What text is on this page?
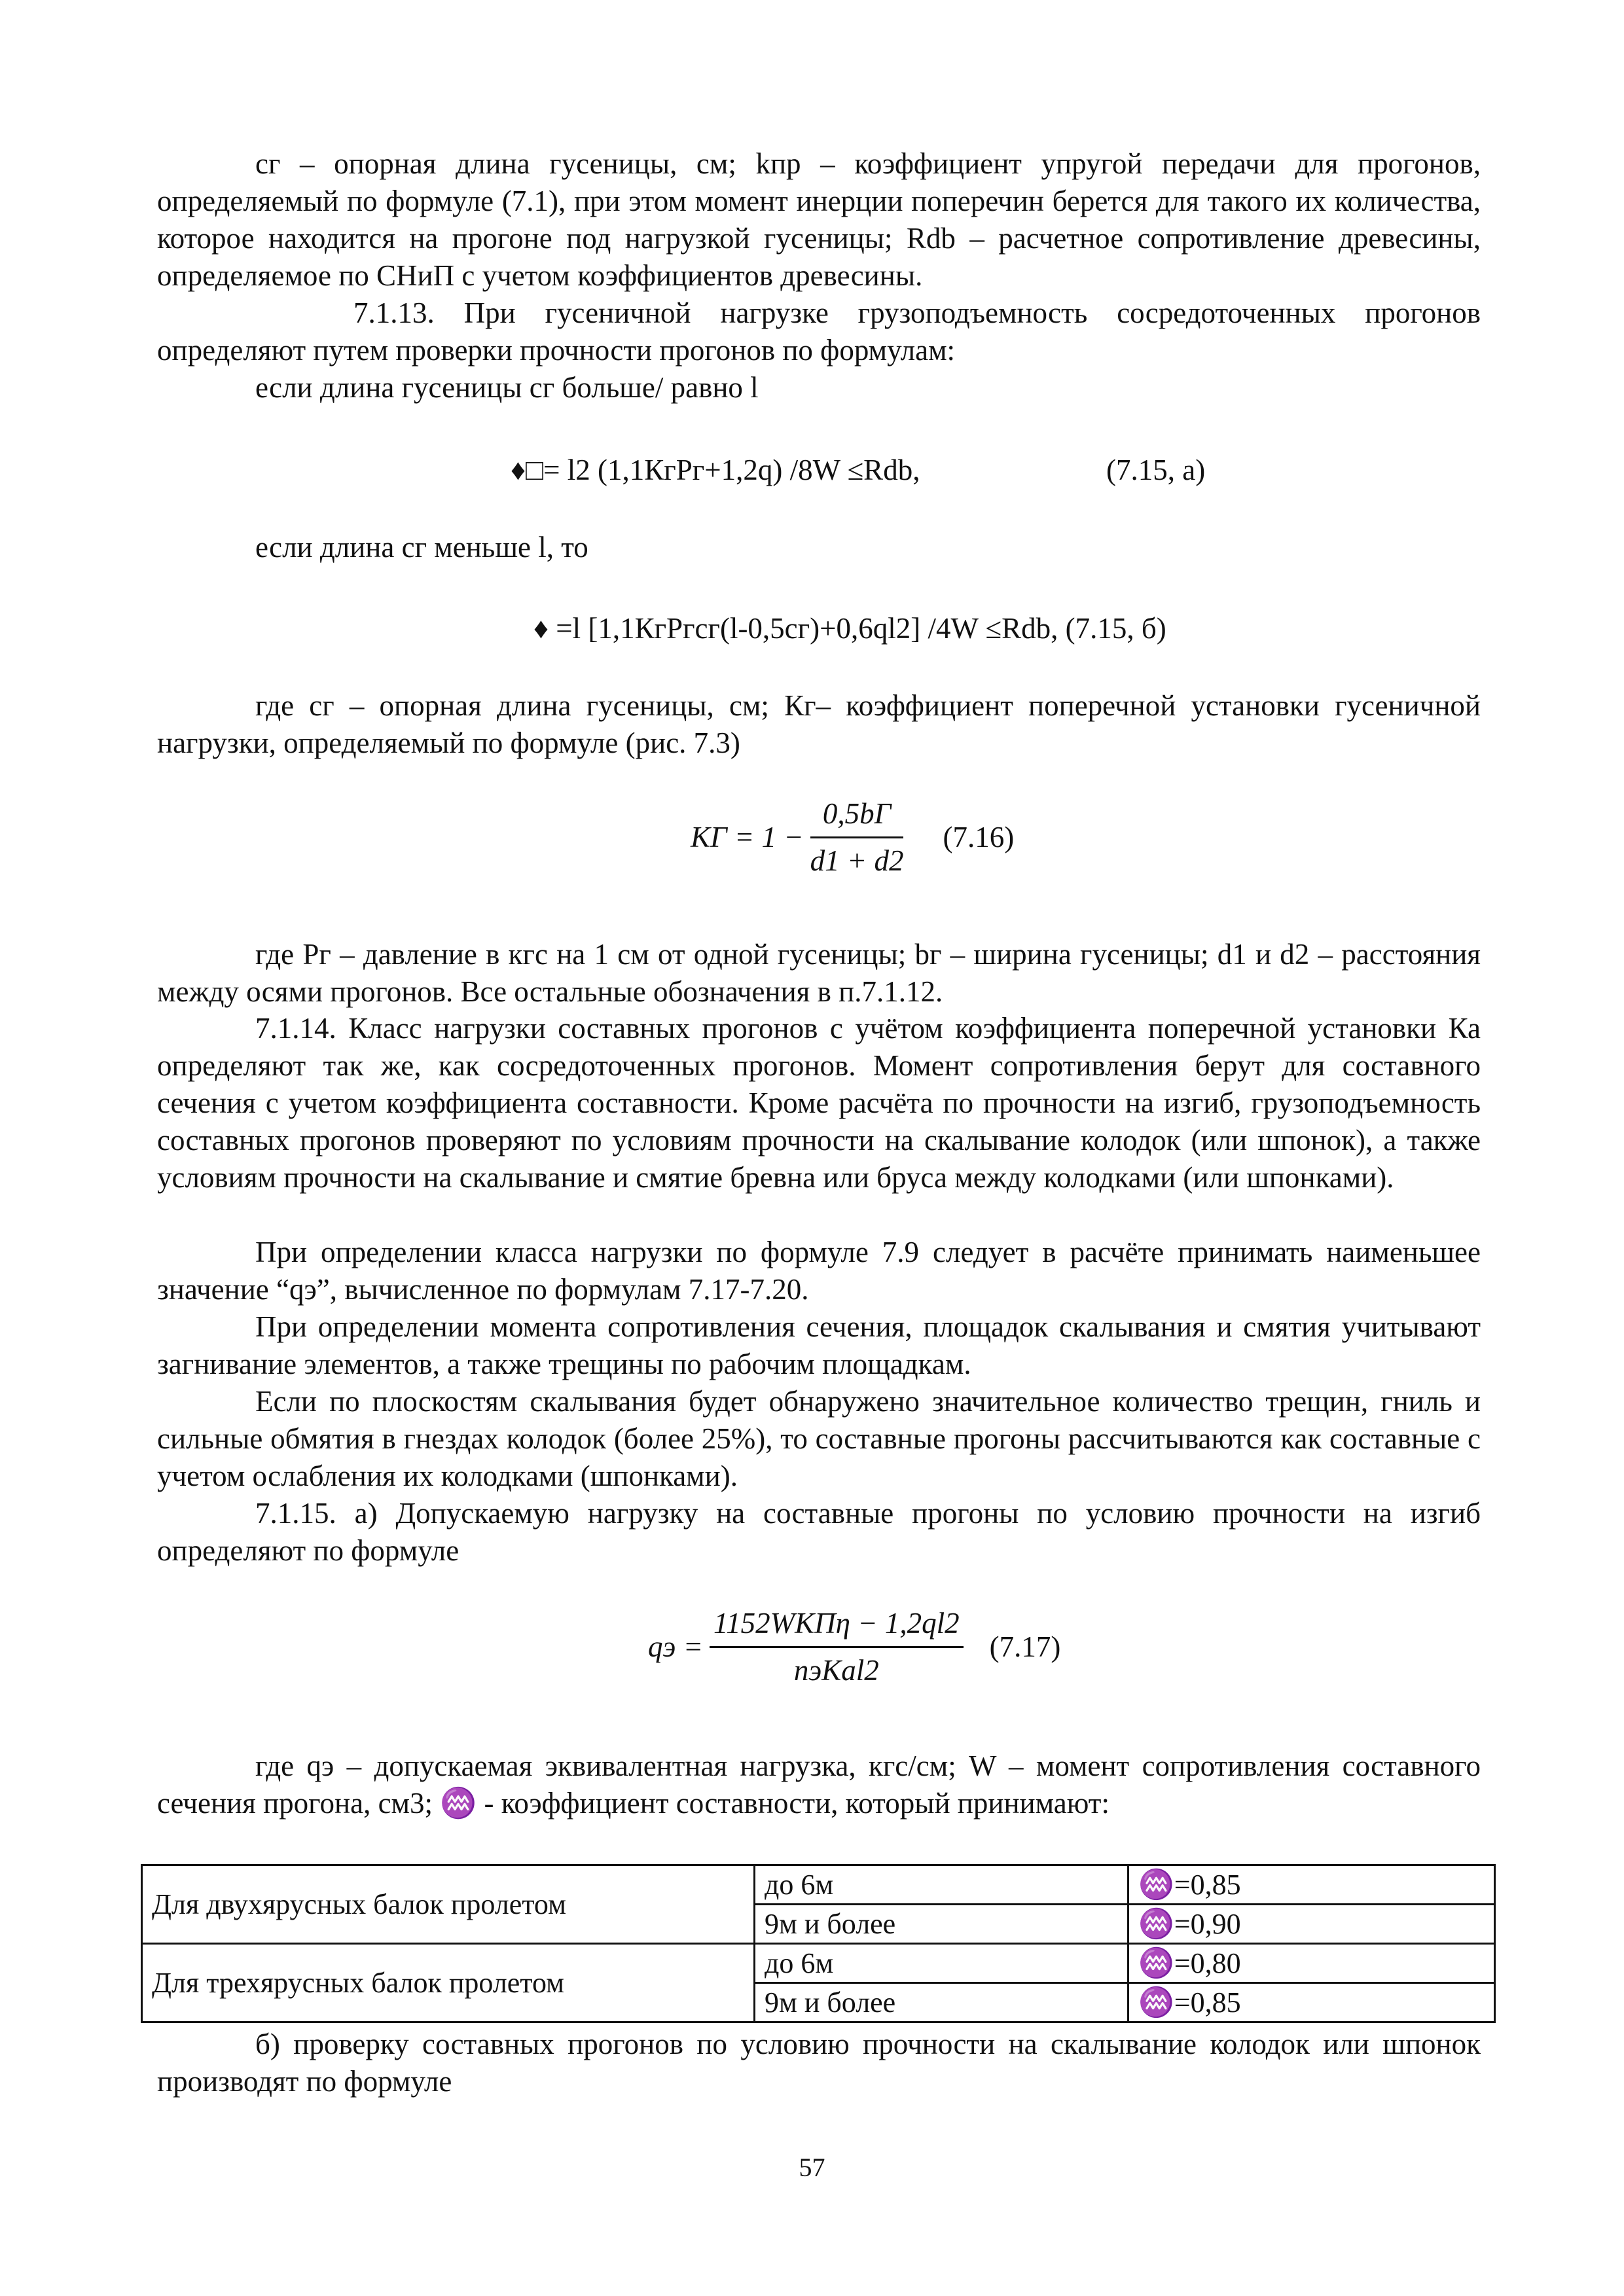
cг – опорная длина гусеницы, см; kпр – коэффициент упругой передачи для прогонов, определяемый по формуле (7.1), при этом момент инерции поперечин берется для такого их количества, которое находится на прогоне под нагрузкой гусеницы; Rdb – расчетное сопротивление древесины, определяемое по СНиП с учетом коэффициентов древесины.

7.1.13. При гусеничной нагрузке грузоподъемность сосредоточенных прогонов определяют путем проверки прочности прогонов по формулам:

если длина гусеницы cг больше/ равно l

♦□= l2 (1,1КгРг+1,2q) /8W ≤Rdb,	(7.15, а)

если длина cг меньше l, то

♦ =l [1,1КгРгcг(l-0,5cг)+0,6ql2] /4W ≤Rdb, (7.15, б)

где cг – опорная длина гусеницы, см; Кг– коэффициент поперечной установки гусеничной нагрузки, определяемый по формуле (рис. 7.3)

KГ = $1 - \frac{0,5bГ}{d1 + d2} (7.16)$

где Рг – давление в кгс на 1 см от одной гусеницы; bг – ширина гусеницы; d1 и d2 – расстояния между осями прогонов. Все остальные обозначения в п.7.1.12.

7.1.14. Класс нагрузки составных прогонов с учётом коэффициента поперечной установки Ка определяют так же, как сосредоточенных прогонов. Момент сопротивления берут для составного сечения с учетом коэффициента составности. Кроме расчёта по прочности на изгиб, грузоподъемность составных прогонов проверяют по условиям прочности на скалывание колодок (или шпонок), а также условиям прочности на скалывание и смятие бревна или бруса между колодками (или шпонками).

При определении класса нагрузки по формуле 7.9 следует в расчёте принимать наименьшее значение “qэ”, вычисленное по формулам 7.17-7.20.

При определении момента сопротивления сечения, площадок скалывания и смятия учитывают загнивание элементов, а также трещины по рабочим площадкам.

Если по плоскостям скалывания будет обнаружено значительное количество трещин, гниль и сильные обмятия в гнездах колодок (более 25%), то составные прогоны рассчитываются как составные с учетом ослабления их колодками (шпонками).

7.1.15. а) Допускаемую нагрузку на составные прогоны по условию прочности на изгиб определяют по формуле

qэ = $\frac{\text{1152WKПη − 1,2ql2}}{\text{nэKаl2}} (7.17)$

где qэ – допускаемая эквивалентная нагрузка, кгс/см; W – момент сопротивления составного сечения прогона, см3; ♒ - коэффициент составности, который принимают:

Для двухярусных балок пролетом	до 6м	♒=0,85
	9м и более	♒=0,90
Для трехярусных балок пролетом	до 6м	♒=0,80
	9м и более	♒=0,85

б) проверку составных прогонов по условию прочности на скалывание колодок или шпонок производят по формуле

57
